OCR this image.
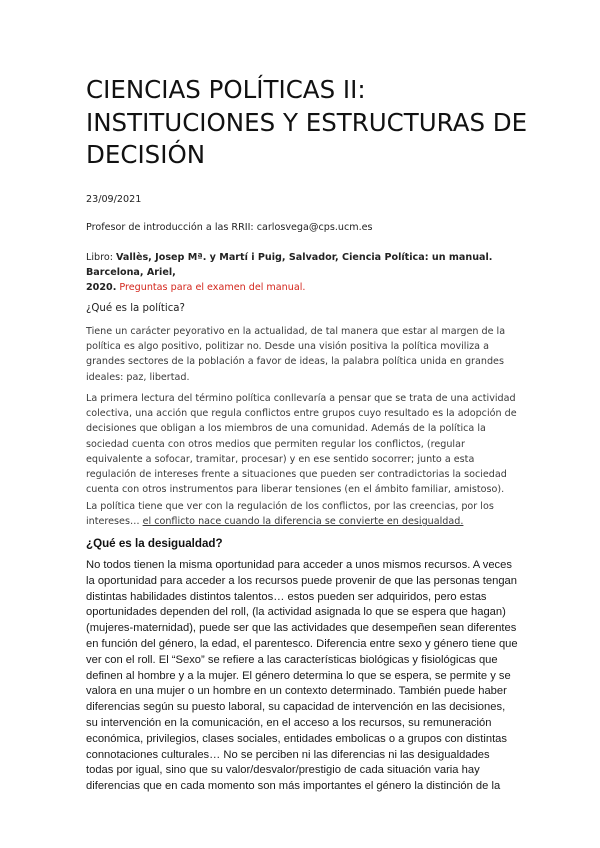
CIENCIAS POLÍTICAS II:
INSTITUCIONES Y ESTRUCTURAS DE
DECISIÓN

23/09/2021

Profesor de introducción a las RRII: carlosvega@cps.ucm.es

Libro: Vallès, Josep Mª. y Martí i Puig, Salvador, Ciencia Política: un manual. Barcelona, Ariel,
2020. Preguntas para el examen del manual.

¿Qué es la política?

Tiene un carácter peyorativo en la actualidad, de tal manera que estar al margen de la
política es algo positivo, politizar no. Desde una visión positiva la política moviliza a
grandes sectores de la población a favor de ideas, la palabra política unida en grandes
ideales: paz, libertad.

La primera lectura del término política conllevaría a pensar que se trata de una actividad
colectiva, una acción que regula conflictos entre grupos cuyo resultado es la adopción de
decisiones que obligan a los miembros de una comunidad. Además de la política la
sociedad cuenta con otros medios que permiten regular los conflictos, (regular
equivalente a sofocar, tramitar, procesar) y en ese sentido socorrer; junto a esta
regulación de intereses frente a situaciones que pueden ser contradictorias la sociedad
cuenta con otros instrumentos para liberar tensiones (en el ámbito familiar, amistoso).

La política tiene que ver con la regulación de los conflictos, por las creencias, por los
intereses… el conflicto nace cuando la diferencia se convierte en desigualdad.

¿Qué es la desigualdad?

No todos tienen la misma oportunidad para acceder a unos mismos recursos. A veces
la oportunidad para acceder a los recursos puede provenir de que las personas tengan
distintas habilidades distintos talentos… estos pueden ser adquiridos, pero estas
oportunidades dependen del roll, (la actividad asignada lo que se espera que hagan)
(mujeres-maternidad), puede ser que las actividades que desempeñen sean diferentes
en función del género, la edad, el parentesco. Diferencia entre sexo y género tiene que
ver con el roll. El “Sexo” se refiere a las características biológicas y fisiológicas que
definen al hombre y a la mujer. El género determina lo que se espera, se permite y se
valora en una mujer o un hombre en un contexto determinado. También puede haber
diferencias según su puesto laboral, su capacidad de intervención en las decisiones,
su intervención en la comunicación, en el acceso a los recursos, su remuneración
económica, privilegios, clases sociales, entidades embolicas o a grupos con distintas
connotaciones culturales… No se perciben ni las diferencias ni las desigualdades
todas por igual, sino que su valor/desvalor/prestigio de cada situación varia hay
diferencias que en cada momento son más importantes el género la distinción de la
